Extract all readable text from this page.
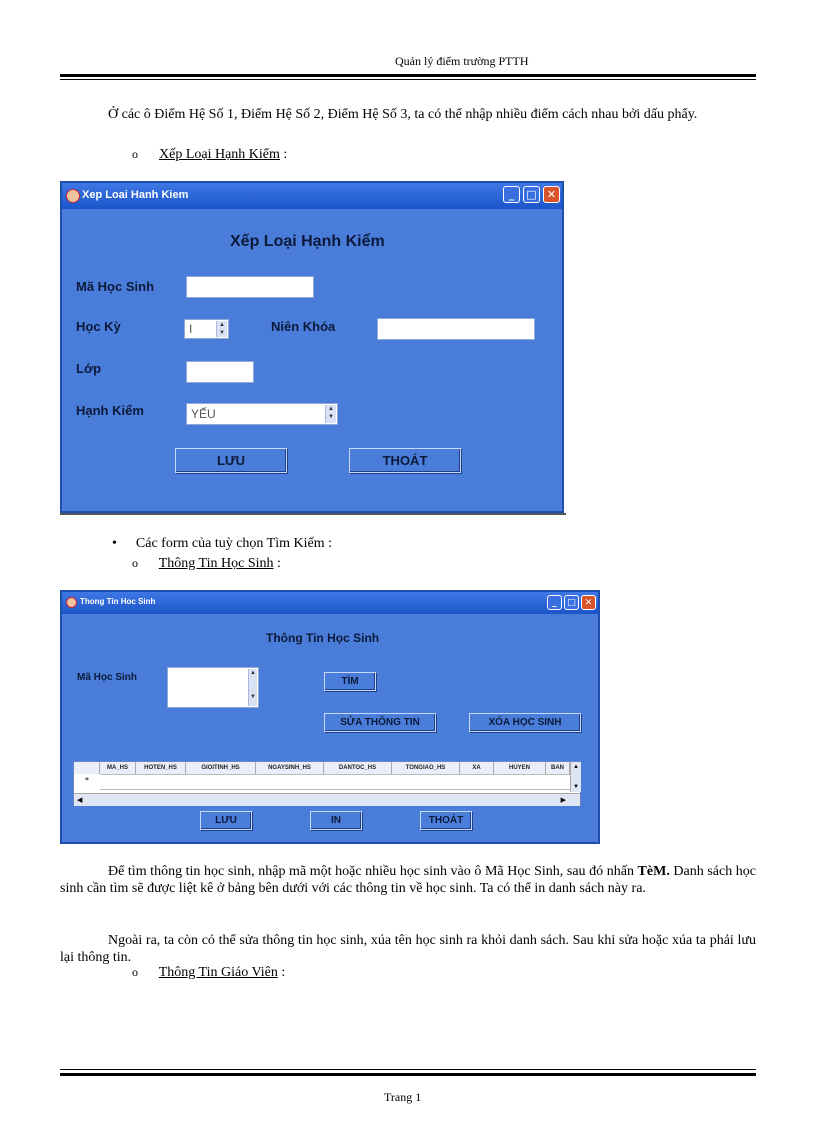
Quản lý điểm trường PTTH
Ở các ô Điểm Hệ Số 1, Điểm Hệ Số 2, Điểm Hệ Số 3, ta có thể nhập nhiều điểm cách nhau bởi dấu phẩy.
o Xếp Loại Hạnh Kiểm :
Xep Loai Hanh Kiem	_	□ ✕
Xếp Loại Hạnh Kiểm
Mã Học Sinh
Học Kỳ	I	▲
▼	Niên Khóa
Lớp
Hạnh Kiểm	YẾU	▲
▼
LƯU	THOÁT
• Các form của tuỳ chọn Tìm Kiếm :
o Thông Tin Học Sinh :
Thong Tin Hoc Sinh	_	□ ✕
Thông Tin Học Sinh
Mã Học Sinh	▲

▼
TÌM
SỬA THÔNG TIN	XÓA HỌC SINH
MA_HS	HOTEN_HS	GIOITINH_HS	NGAYSINH_HS	DANTOC_HS	TONGIAO_HS	XA	HUYEN	BAN
*
▲

▼
◀	▶
LƯU	IN	THOÁT
Để tìm thông tin học sinh, nhập mã một hoặc nhiều học sinh vào ô Mã Học Sinh, sau đó nhấn TèM. Danh sách học sinh cần tìm sẽ được liệt kê ở bảng bên dưới với các thông tin về học sinh. Ta có thể in danh sách này ra.
Ngoài ra, ta còn có thể sửa thông tin học sinh, xúa tên học sinh ra khỏi danh sách. Sau khi sửa hoặc xúa ta phải lưu lại thông tin.
o Thông Tin Giáo Viên :
Trang 1
